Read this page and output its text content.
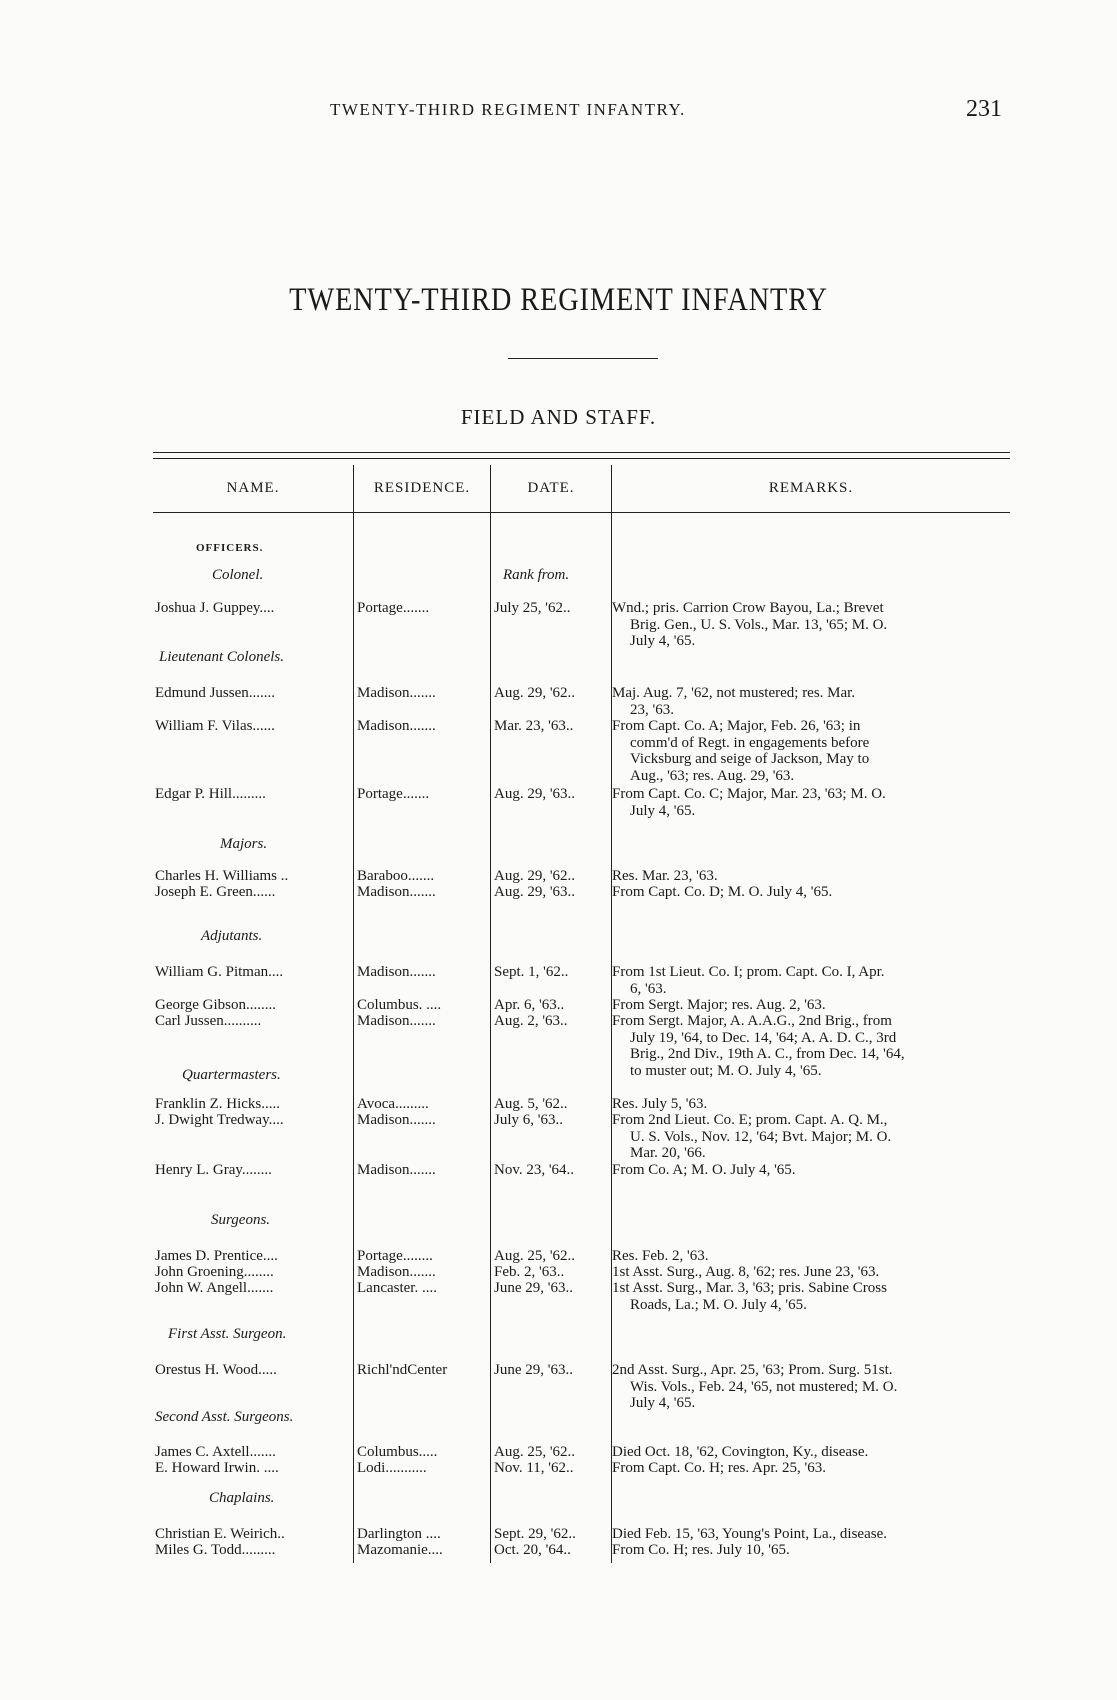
TWENTY-THIRD REGIMENT INFANTRY.	231
TWENTY-THIRD REGIMENT INFANTRY
FIELD AND STAFF.
NAME.	RESIDENCE.	DATE.	REMARKS.
OFFICERS.
Colonel.	Rank from.
Lieutenant Colonels.
Majors.
Adjutants.
Quartermasters.
Surgeons.
First Asst. Surgeon.
Second Asst. Surgeons.
Chaplains.
Joshua J. Guppey....	Portage.......	July 25, '62..	Wnd.; pris. Carrion Crow Bayou, La.; Brevet
Brig. Gen., U. S. Vols., Mar. 13, '65; M. O.
July 4, '65.
Edmund Jussen.......	Madison.......	Aug. 29, '62.. Maj. Aug. 7, '62, not mustered; res. Mar.
23, '63.
William F. Vilas......	Madison.......	Mar. 23, '63..	From Capt. Co. A; Major, Feb. 26, '63; in
comm'd of Regt. in engagements before
Vicksburg and seige of Jackson, May to
Aug., '63; res. Aug. 29, '63.
Edgar P. Hill.........	Portage.......	Aug. 29, '63.. From Capt. Co. C; Major, Mar. 23, '63; M. O.
July 4, '65.
Charles H. Williams ..	Baraboo.......	Aug. 29, '62.. Res. Mar. 23, '63.
Joseph E. Green......	Madison.......	Aug. 29, '63.. From Capt. Co. D; M. O. July 4, '65.
William G. Pitman....	Madison.......	Sept. 1, '62..	From 1st Lieut. Co. I; prom. Capt. Co. I, Apr.
6, '63.
George Gibson........	Columbus. ....	Apr. 6, '63..	From Sergt. Major; res. Aug. 2, '63.
Carl Jussen..........	Madison.......	Aug. 2, '63..	From Sergt. Major, A. A.A.G., 2nd Brig., from
July 19, '64, to Dec. 14, '64; A. A. D. C., 3rd
Brig., 2nd Div., 19th A. C., from Dec. 14, '64,
to muster out; M. O. July 4, '65.
Franklin Z. Hicks.....	Avoca.........	Aug. 5, '62..	Res. July 5, '63.
J. Dwight Tredway....	Madison.......	July 6, '63..	From 2nd Lieut. Co. E; prom. Capt. A. Q. M.,
U. S. Vols., Nov. 12, '64; Bvt. Major; M. O.
Mar. 20, '66.
Henry L. Gray........	Madison.......	Nov. 23, '64..	From Co. A; M. O. July 4, '65.
James D. Prentice....	Portage........	Aug. 25, '62.. Res. Feb. 2, '63.
John Groening........	Madison.......	Feb. 2, '63..	1st Asst. Surg., Aug. 8, '62; res. June 23, '63.
John W. Angell.......	Lancaster. ....	June 29, '63..	1st Asst. Surg., Mar. 3, '63; pris. Sabine Cross
Roads, La.; M. O. July 4, '65.
Orestus H. Wood.....	Richl'ndCenter	June 29, '63..	2nd Asst. Surg., Apr. 25, '63; Prom. Surg. 51st.
Wis. Vols., Feb. 24, '65, not mustered; M. O.
July 4, '65.
James C. Axtell.......	Columbus.....	Aug. 25, '62.. Died Oct. 18, '62, Covington, Ky., disease.
E. Howard Irwin. ....	Lodi...........	Nov. 11, '62..	From Capt. Co. H; res. Apr. 25, '63.
Christian E. Weirich..	Darlington ....	Sept. 29, '62.. Died Feb. 15, '63, Young's Point, La., disease.
Miles G. Todd.........	Mazomanie....	Oct. 20, '64..	From Co. H; res. July 10, '65.
